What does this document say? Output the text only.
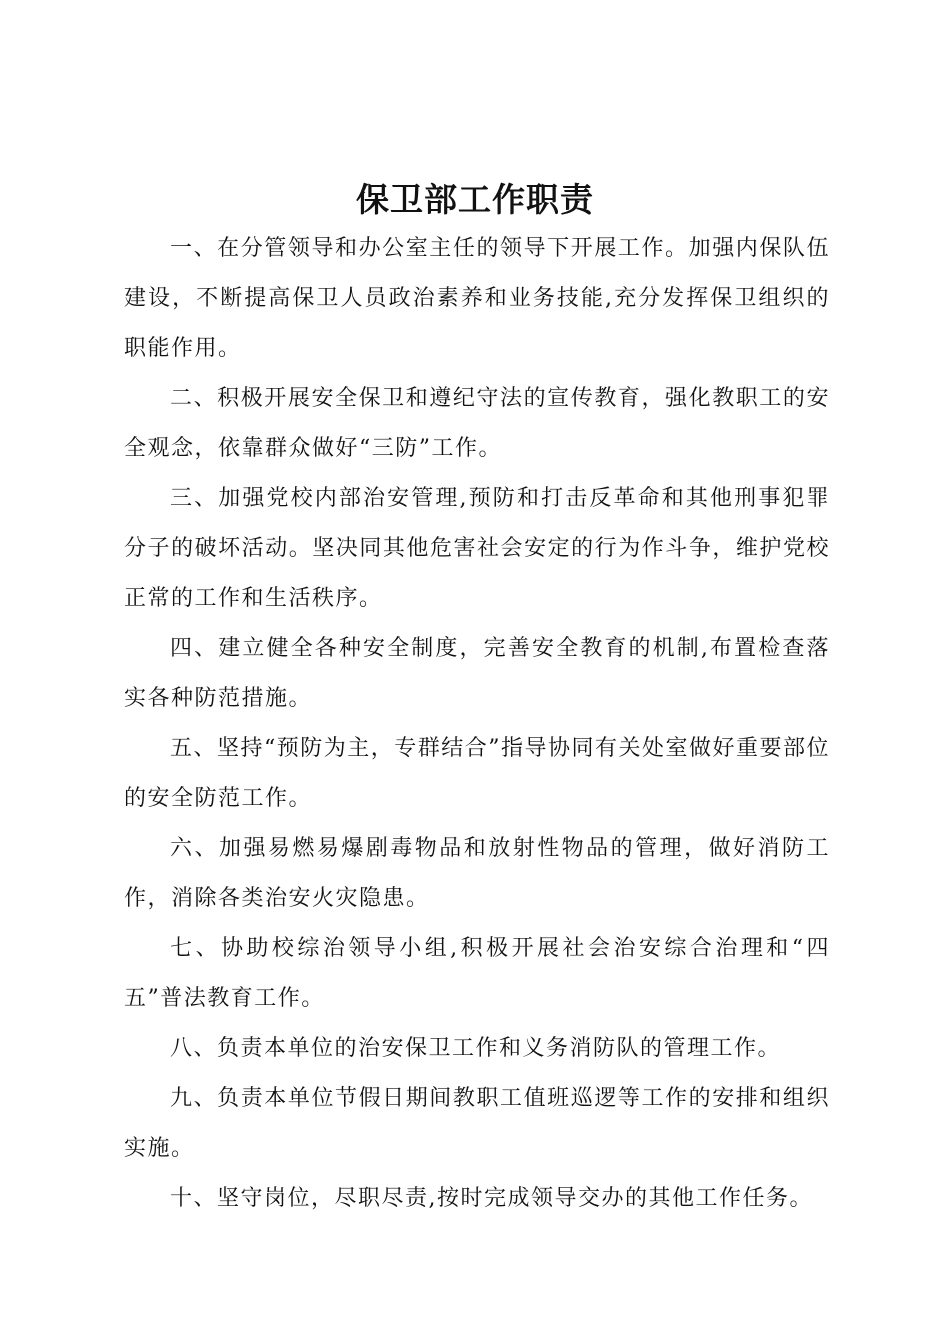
保卫部工作职责

一、在分管领导和办公室主任的领导下开展工作。加强内保队伍建设，不断提高保卫人员政治素养和业务技能,充分发挥保卫组织的职能作用。

二、积极开展安全保卫和遵纪守法的宣传教育，强化教职工的安全观念，依靠群众做好“三防”工作。

三、加强党校内部治安管理,预防和打击反革命和其他刑事犯罪分子的破坏活动。坚决同其他危害社会安定的行为作斗争，维护党校正常的工作和生活秩序。

四、建立健全各种安全制度，完善安全教育的机制,布置检查落实各种防范措施。

五、坚持“预防为主，专群结合”指导协同有关处室做好重要部位的安全防范工作。

六、加强易燃易爆剧毒物品和放射性物品的管理，做好消防工作，消除各类治安火灾隐患。

七、协助校综治领导小组,积极开展社会治安综合治理和“四五”普法教育工作。

八、负责本单位的治安保卫工作和义务消防队的管理工作。

九、负责本单位节假日期间教职工值班巡逻等工作的安排和组织实施。

十、坚守岗位，尽职尽责,按时完成领导交办的其他工作任务。
